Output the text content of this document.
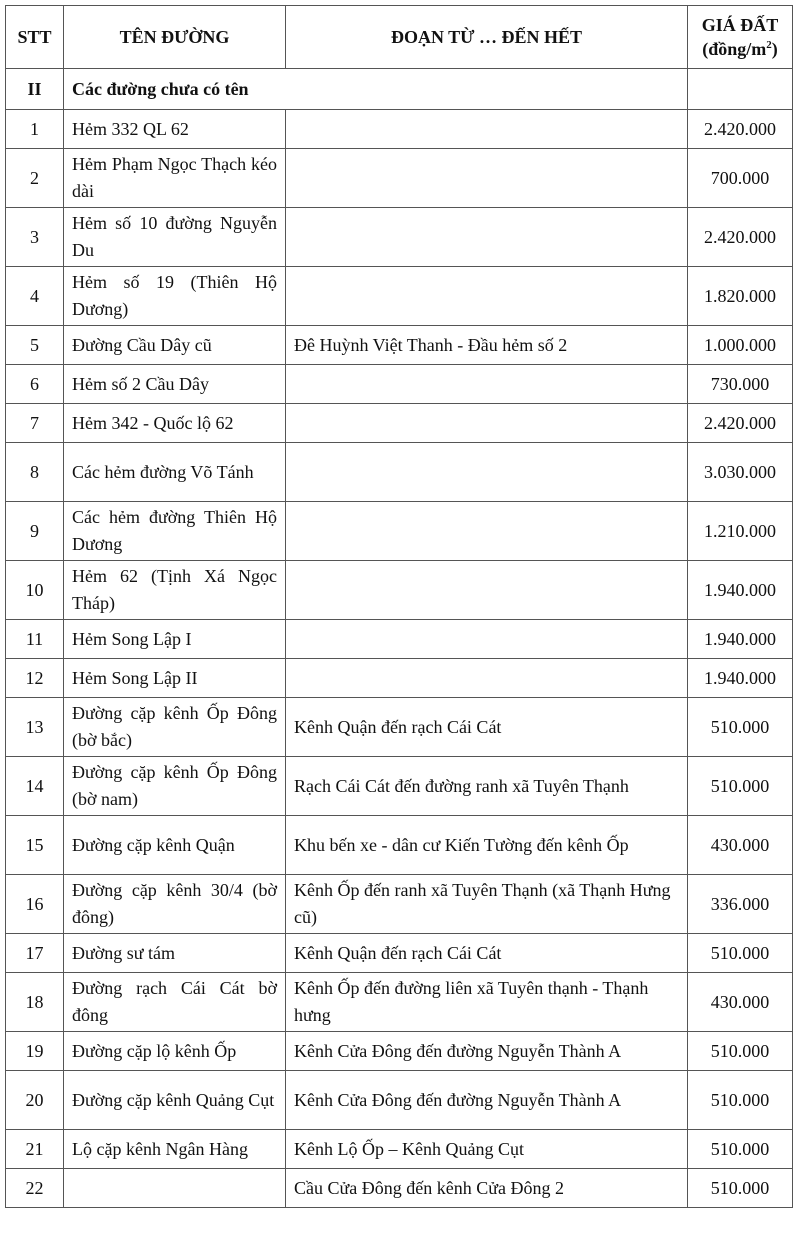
STT	TÊN ĐƯỜNG	ĐOẠN TỪ … ĐẾN HẾT	GIÁ ĐẤT
$(đồng/m^2)$
II	Các đường chưa có tên		
1	Hẻm 332 QL 62		2.420.000
2	Hẻm Phạm Ngọc Thạch kéo dài		700.000
3	Hẻm số 10 đường Nguyễn Du		2.420.000
4	Hẻm số 19 (Thiên Hộ Dương)		1.820.000
5	Đường Cầu Dây cũ	Đê Huỳnh Việt Thanh - Đầu hẻm số 2	1.000.000
6	Hẻm số 2 Cầu Dây		730.000
7	Hẻm 342 - Quốc lộ 62		2.420.000
8	Các hẻm đường Võ Tánh		3.030.000
9	Các hẻm đường Thiên Hộ Dương		1.210.000
10	Hẻm 62 (Tịnh Xá Ngọc Tháp)		1.940.000
11	Hẻm Song Lập I		1.940.000
12	Hẻm Song Lập II		1.940.000
13	Đường cặp kênh Ốp Đông (bờ bắc)	Kênh Quận đến rạch Cái Cát	510.000
14	Đường cặp kênh Ốp Đông (bờ nam)	Rạch Cái Cát đến đường ranh xã Tuyên Thạnh	510.000
15	Đường cặp kênh Quận	Khu bến xe - dân cư Kiến Tường đến kênh Ốp	430.000
16	Đường cặp kênh 30/4 (bờ đông)	Kênh Ốp đến ranh xã Tuyên Thạnh (xã Thạnh Hưng cũ)	336.000
17	Đường sư tám	Kênh Quận đến rạch Cái Cát	510.000
18	Đường rạch Cái Cát bờ đông	Kênh Ốp đến đường liên xã Tuyên thạnh - Thạnh hưng	430.000
19	Đường cặp lộ kênh Ốp	Kênh Cửa Đông đến đường Nguyễn Thành A	510.000
20	Đường cặp kênh Quảng Cụt	Kênh Cửa Đông đến đường Nguyễn Thành A	510.000
21	Lộ cặp kênh Ngân Hàng	Kênh Lộ Ốp – Kênh Quảng Cụt	510.000
22		Cầu Cửa Đông đến kênh Cửa Đông 2	510.000
